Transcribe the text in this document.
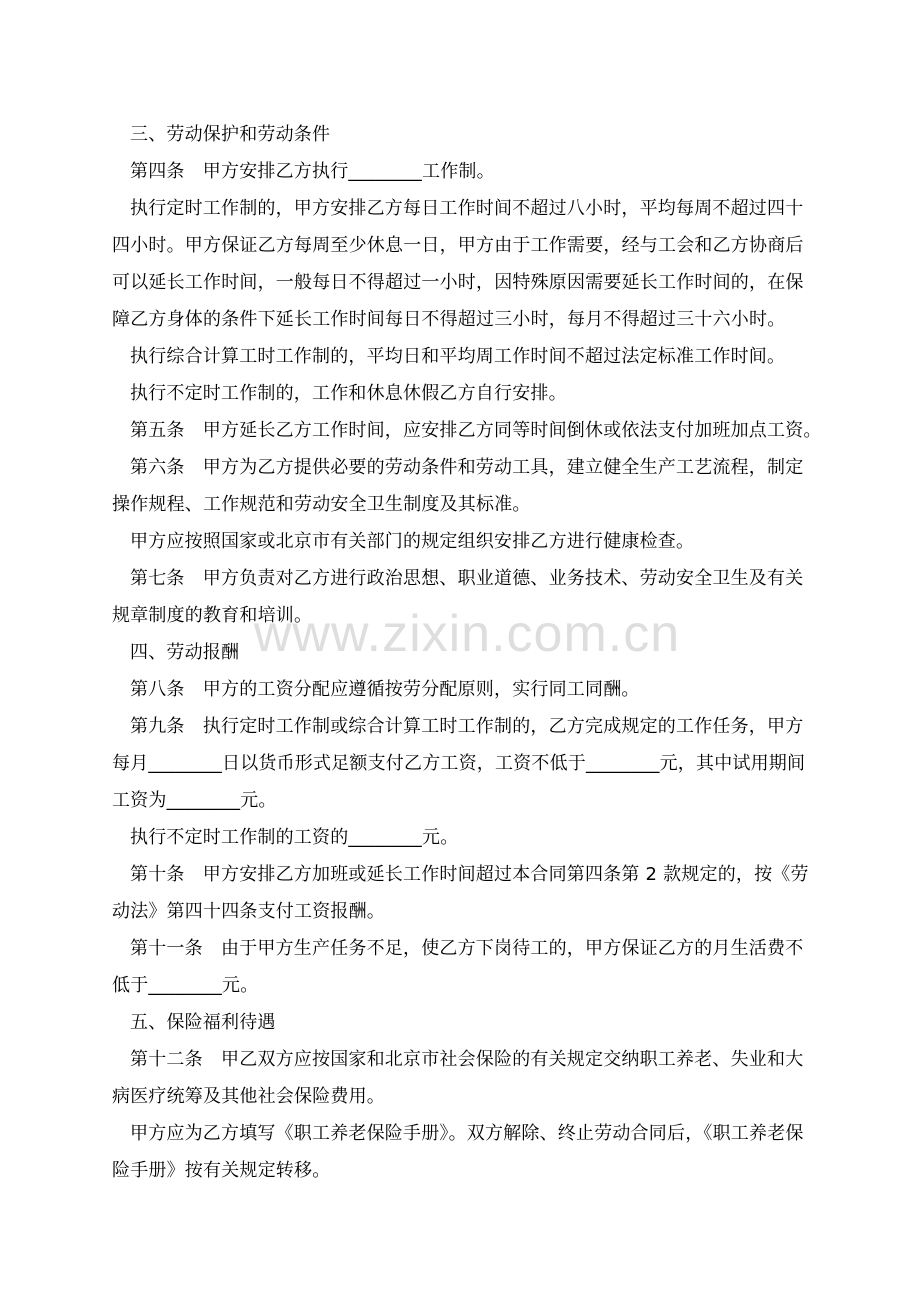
三、劳动保护和劳动条件
第四条　甲方安排乙方执行________工作制。
执行定时工作制的，甲方安排乙方每日工作时间不超过八小时，平均每周不超过四十
四小时。甲方保证乙方每周至少休息一日，甲方由于工作需要，经与工会和乙方协商后
可以延长工作时间，一般每日不得超过一小时，因特殊原因需要延长工作时间的，在保
障乙方身体的条件下延长工作时间每日不得超过三小时，每月不得超过三十六小时。
执行综合计算工时工作制的，平均日和平均周工作时间不超过法定标准工作时间。
执行不定时工作制的，工作和休息休假乙方自行安排。
第五条　甲方延长乙方工作时间，应安排乙方同等时间倒休或依法支付加班加点工资。
第六条　甲方为乙方提供必要的劳动条件和劳动工具，建立健全生产工艺流程，制定
操作规程、工作规范和劳动安全卫生制度及其标准。
甲方应按照国家或北京市有关部门的规定组织安排乙方进行健康检查。
第七条　甲方负责对乙方进行政治思想、职业道德、业务技术、劳动安全卫生及有关
规章制度的教育和培训。
四、劳动报酬
第八条　甲方的工资分配应遵循按劳分配原则，实行同工同酬。
第九条　执行定时工作制或综合计算工时工作制的，乙方完成规定的工作任务，甲方
每月________日以货币形式足额支付乙方工资，工资不低于________元，其中试用期间
工资为________元。
执行不定时工作制的工资的________元。
第十条　甲方安排乙方加班或延长工作时间超过本合同第四条第 2 款规定的，按《劳
动法》第四十四条支付工资报酬。
第十一条　由于甲方生产任务不足，使乙方下岗待工的，甲方保证乙方的月生活费不
低于________元。
五、保险福利待遇
第十二条　甲乙双方应按国家和北京市社会保险的有关规定交纳职工养老、失业和大
病医疗统筹及其他社会保险费用。
甲方应为乙方填写《职工养老保险手册》。双方解除、终止劳动合同后，《职工养老保
险手册》按有关规定转移。
www.zixin.com.cn
